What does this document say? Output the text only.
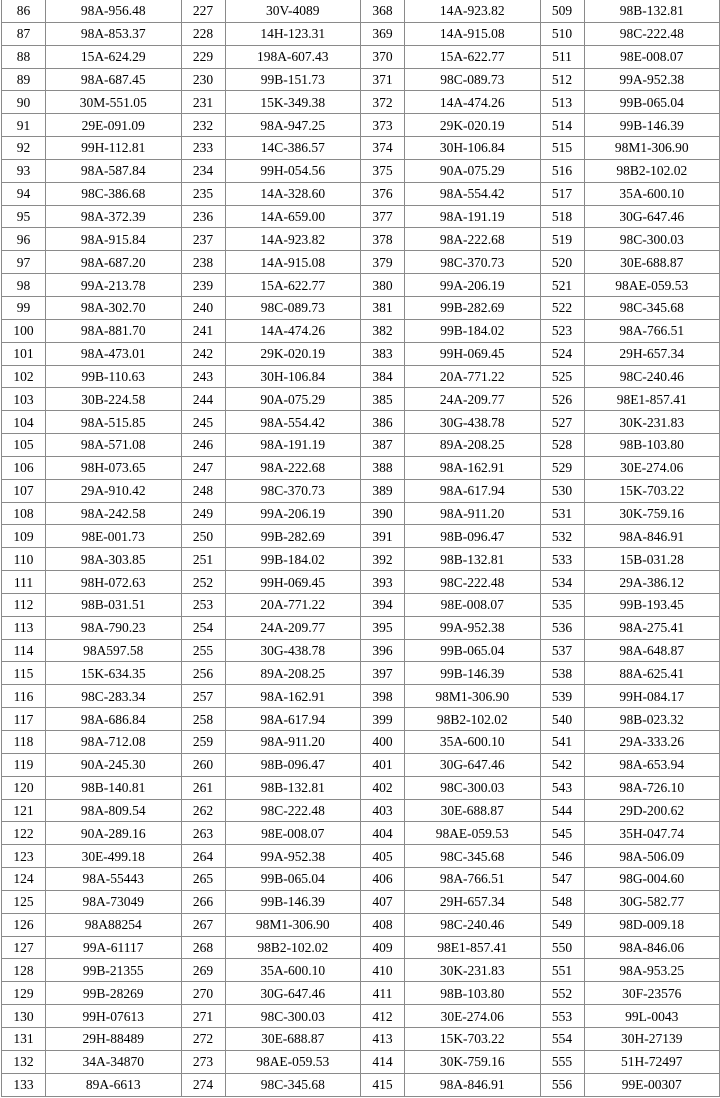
86	98A-956.48	227	30V-4089	368	14A-923.82	509	98B-132.81
87	98A-853.37	228	14H-123.31	369	14A-915.08	510	98C-222.48
88	15A-624.29	229	198A-607.43	370	15A-622.77	511	98E-008.07
89	98A-687.45	230	99B-151.73	371	98C-089.73	512	99A-952.38
90	30M-551.05	231	15K-349.38	372	14A-474.26	513	99B-065.04
91	29E-091.09	232	98A-947.25	373	29K-020.19	514	99B-146.39
92	99H-112.81	233	14C-386.57	374	30H-106.84	515	98M1-306.90
93	98A-587.84	234	99H-054.56	375	90A-075.29	516	98B2-102.02
94	98C-386.68	235	14A-328.60	376	98A-554.42	517	35A-600.10
95	98A-372.39	236	14A-659.00	377	98A-191.19	518	30G-647.46
96	98A-915.84	237	14A-923.82	378	98A-222.68	519	98C-300.03
97	98A-687.20	238	14A-915.08	379	98C-370.73	520	30E-688.87
98	99A-213.78	239	15A-622.77	380	99A-206.19	521	98AE-059.53
99	98A-302.70	240	98C-089.73	381	99B-282.69	522	98C-345.68
100	98A-881.70	241	14A-474.26	382	99B-184.02	523	98A-766.51
101	98A-473.01	242	29K-020.19	383	99H-069.45	524	29H-657.34
102	99B-110.63	243	30H-106.84	384	20A-771.22	525	98C-240.46
103	30B-224.58	244	90A-075.29	385	24A-209.77	526	98E1-857.41
104	98A-515.85	245	98A-554.42	386	30G-438.78	527	30K-231.83
105	98A-571.08	246	98A-191.19	387	89A-208.25	528	98B-103.80
106	98H-073.65	247	98A-222.68	388	98A-162.91	529	30E-274.06
107	29A-910.42	248	98C-370.73	389	98A-617.94	530	15K-703.22
108	98A-242.58	249	99A-206.19	390	98A-911.20	531	30K-759.16
109	98E-001.73	250	99B-282.69	391	98B-096.47	532	98A-846.91
110	98A-303.85	251	99B-184.02	392	98B-132.81	533	15B-031.28
111	98H-072.63	252	99H-069.45	393	98C-222.48	534	29A-386.12
112	98B-031.51	253	20A-771.22	394	98E-008.07	535	99B-193.45
113	98A-790.23	254	24A-209.77	395	99A-952.38	536	98A-275.41
114	98A597.58	255	30G-438.78	396	99B-065.04	537	98A-648.87
115	15K-634.35	256	89A-208.25	397	99B-146.39	538	88A-625.41
116	98C-283.34	257	98A-162.91	398	98M1-306.90	539	99H-084.17
117	98A-686.84	258	98A-617.94	399	98B2-102.02	540	98B-023.32
118	98A-712.08	259	98A-911.20	400	35A-600.10	541	29A-333.26
119	90A-245.30	260	98B-096.47	401	30G-647.46	542	98A-653.94
120	98B-140.81	261	98B-132.81	402	98C-300.03	543	98A-726.10
121	98A-809.54	262	98C-222.48	403	30E-688.87	544	29D-200.62
122	90A-289.16	263	98E-008.07	404	98AE-059.53	545	35H-047.74
123	30E-499.18	264	99A-952.38	405	98C-345.68	546	98A-506.09
124	98A-55443	265	99B-065.04	406	98A-766.51	547	98G-004.60
125	98A-73049	266	99B-146.39	407	29H-657.34	548	30G-582.77
126	98A88254	267	98M1-306.90	408	98C-240.46	549	98D-009.18
127	99A-61117	268	98B2-102.02	409	98E1-857.41	550	98A-846.06
128	99B-21355	269	35A-600.10	410	30K-231.83	551	98A-953.25
129	99B-28269	270	30G-647.46	411	98B-103.80	552	30F-23576
130	99H-07613	271	98C-300.03	412	30E-274.06	553	99L-0043
131	29H-88489	272	30E-688.87	413	15K-703.22	554	30H-27139
132	34A-34870	273	98AE-059.53	414	30K-759.16	555	51H-72497
133	89A-6613	274	98C-345.68	415	98A-846.91	556	99E-00307
